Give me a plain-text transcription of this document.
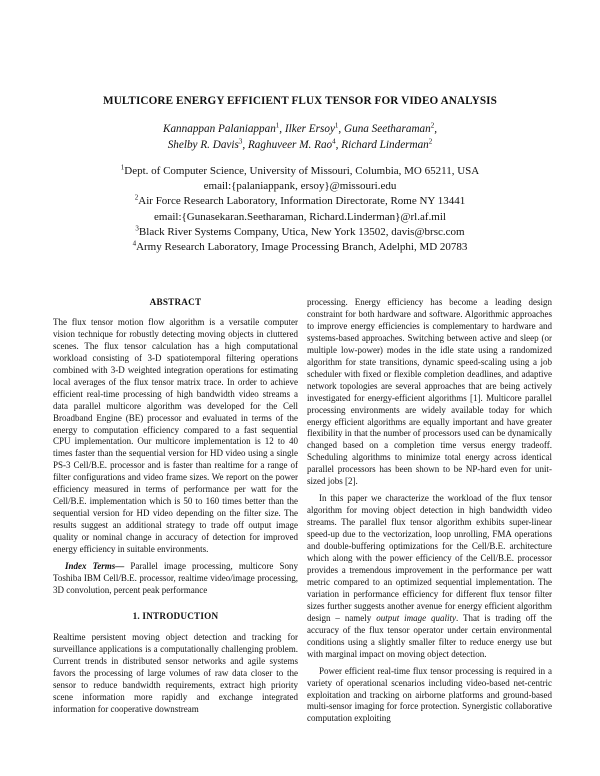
MULTICORE ENERGY EFFICIENT FLUX TENSOR FOR VIDEO ANALYSIS
Kannappan Palaniappan$^1$, Ilker Ersoy$^1$, Guna Seetharaman$^2$,
Shelby R. Davis$^3$, Raghuveer M. Rao$^4$, Richard Linderman$^2$
$^1$Dept. of Computer Science, University of Missouri, Columbia, MO 65211, USA
email:{palaniappank, ersoy}@missouri.edu
$^2$Air Force Research Laboratory, Information Directorate, Rome NY 13441
email:{Gunasekaran.Seetharaman, Richard.Linderman}@rl.af.mil
$^3$Black River Systems Company, Utica, New York 13502, davis@brsc.com
$^4$Army Research Laboratory, Image Processing Branch, Adelphi, MD 20783
ABSTRACT

The flux tensor motion flow algorithm is a versatile computer vision technique for robustly detecting moving objects in cluttered scenes. The flux tensor calculation has a high computational workload consisting of 3-D spatiotemporal filtering operations combined with 3-D weighted integration operations for estimating local averages of the flux tensor matrix trace. In order to achieve efficient real-time processing of high bandwidth video streams a data parallel multicore algorithm was developed for the Cell Broadband Engine (BE) processor and evaluated in terms of the energy to computation efficiency compared to a fast sequential CPU implementation. Our multicore implementation is 12 to 40 times faster than the sequential version for HD video using a single PS-3 Cell/B.E. processor and is faster than realtime for a range of filter configurations and video frame sizes. We report on the power efficiency measured in terms of performance per watt for the Cell/B.E. implementation which is 50 to 160 times better than the sequential version for HD video depending on the filter size. The results suggest an additional strategy to trade off output image quality or nominal change in accuracy of detection for improved energy efficiency in suitable environments.

Index Terms— Parallel image processing, multicore Sony Toshiba IBM Cell/B.E. processor, realtime video/image processing, 3D convolution, percent peak performance

1. INTRODUCTION

Realtime persistent moving object detection and tracking for surveillance applications is a computationally challenging problem. Current trends in distributed sensor networks and agile systems favors the processing of large volumes of raw data closer to the sensor to reduce bandwidth requirements, extract high priority scene information more rapidly and exchange integrated information for cooperative downstream

processing. Energy efficiency has become a leading design constraint for both hardware and software. Algorithmic approaches to improve energy efficiencies is complementary to hardware and systems-based approaches. Switching between active and sleep (or multiple low-power) modes in the idle state using a randomized algorithm for state transitions, dynamic speed-scaling using a job scheduler with fixed or flexible completion deadlines, and adaptive network topologies are several approaches that are being actively investigated for energy-efficient algorithms [1]. Multicore parallel processing environments are widely available today for which energy efficient algorithms are equally important and have greater flexibility in that the number of processors used can be dynamically changed based on a completion time versus energy tradeoff. Scheduling algorithms to minimize total energy across identical parallel processors has been shown to be NP-hard even for unit-sized jobs [2].

In this paper we characterize the workload of the flux tensor algorithm for moving object detection in high bandwidth video streams. The parallel flux tensor algorithm exhibits super-linear speed-up due to the vectorization, loop unrolling, FMA operations and double-buffering optimizations for the Cell/B.E. architecture which along with the power efficiency of the Cell/B.E. processor provides a tremendous improvement in the performance per watt metric compared to an optimized sequential implementation. The variation in performance efficiency for different flux tensor filter sizes further suggests another avenue for energy efficient algorithm design – namely output image quality. That is trading off the accuracy of the flux tensor operator under certain environmental conditions using a slightly smaller filter to reduce energy use but with marginal impact on moving object detection.

Power efficient real-time flux tensor processing is required in a variety of operational scenarios including video-based net-centric exploitation and tracking on airborne platforms and ground-based multi-sensor imaging for force protection. Synergistic collaborative computation exploiting
